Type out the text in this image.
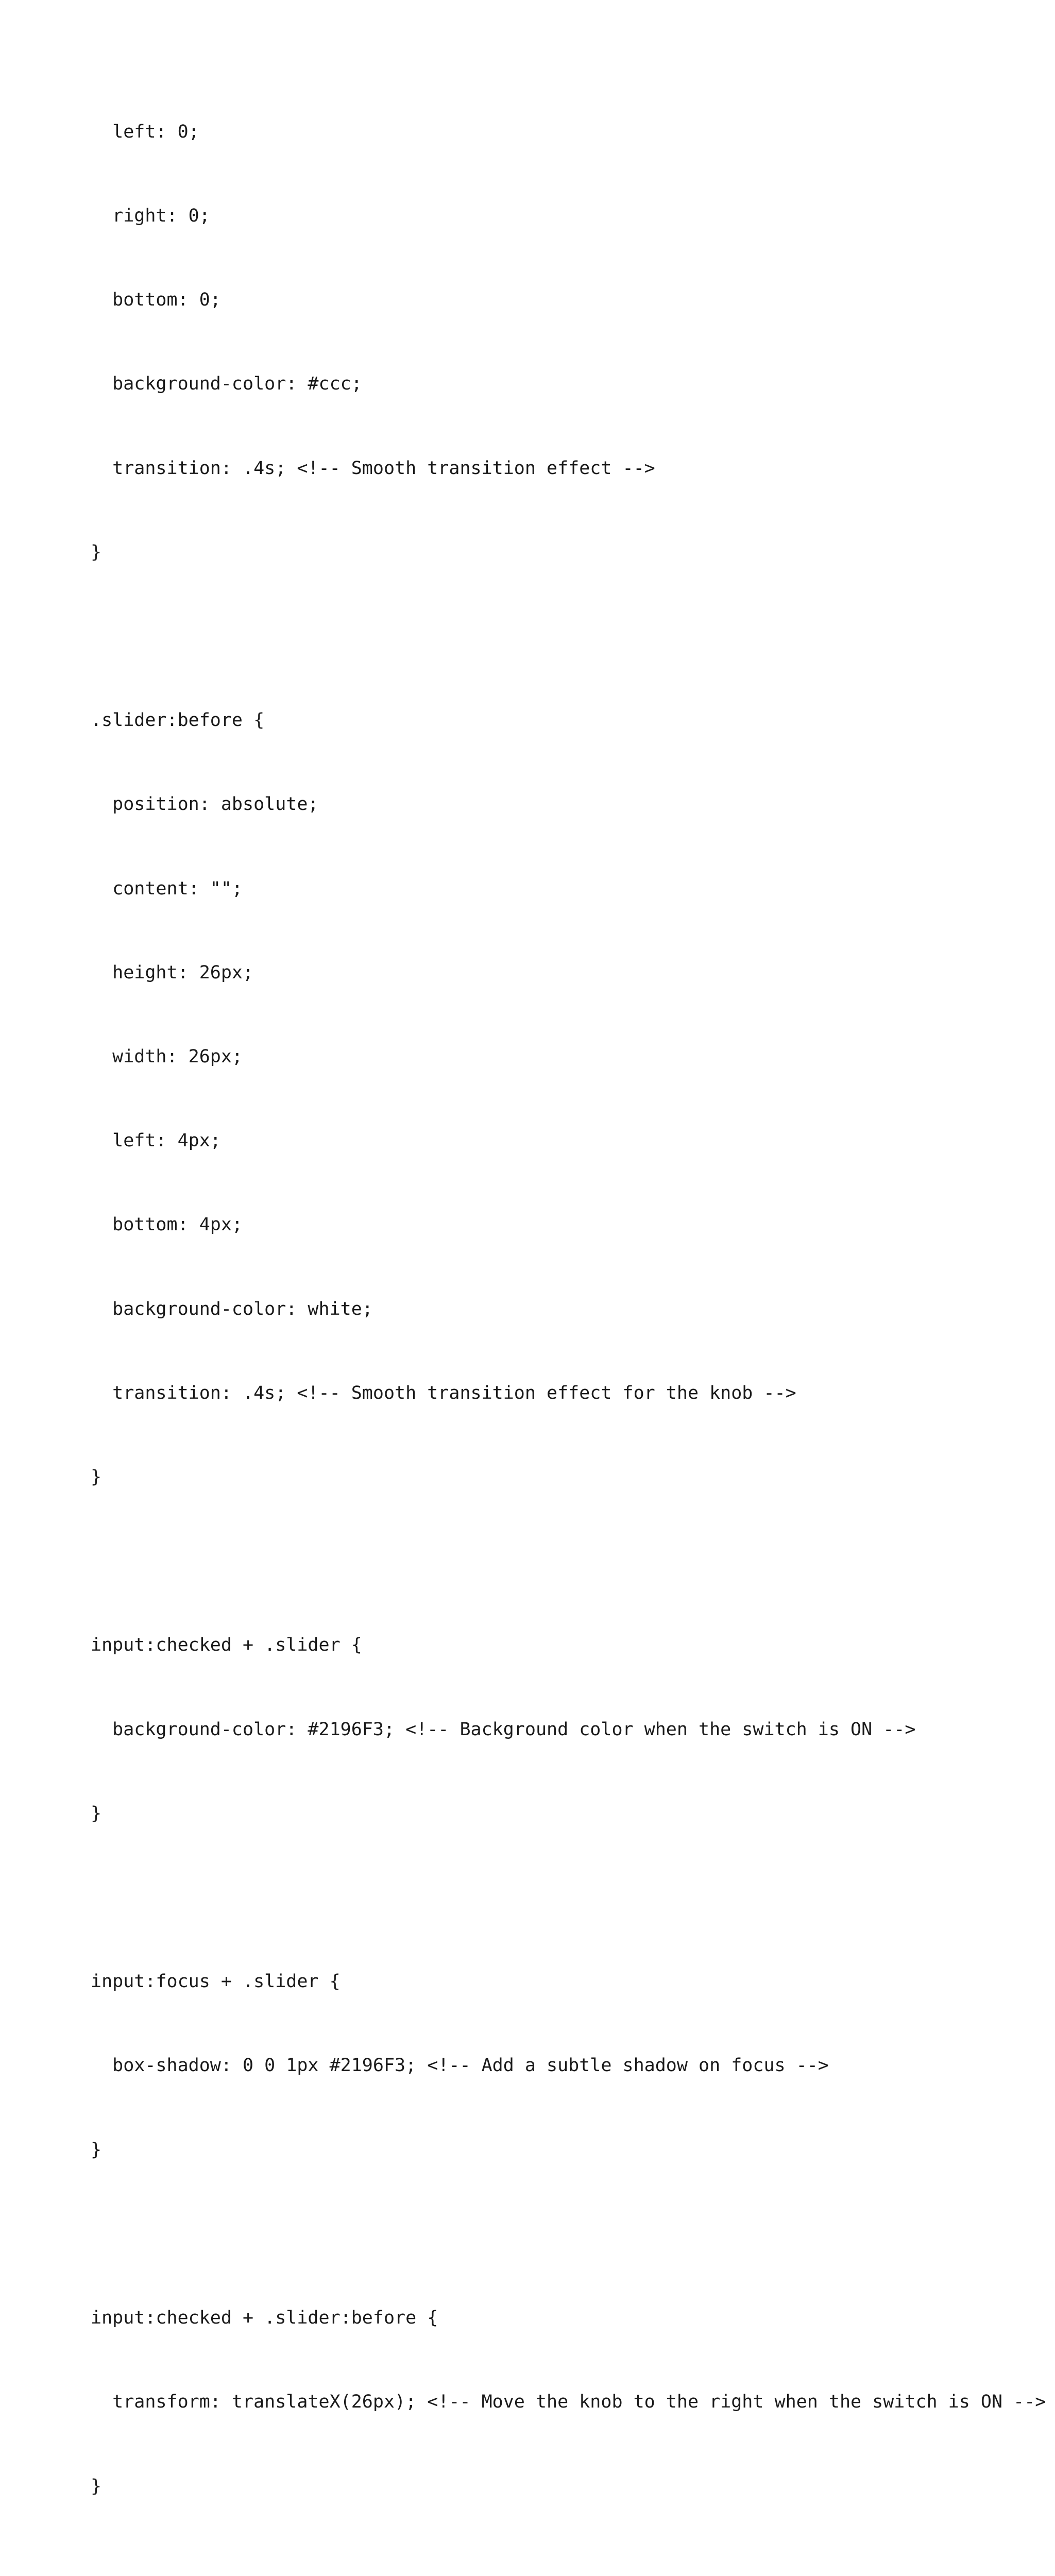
left: 0;

right: 0;

bottom: 0;

background-color: #ccc;

transition: .4s; <!-- Smooth transition effect -->

}

.slider:before {

position: absolute;

content: "";

height: 26px;

width: 26px;

left: 4px;

bottom: 4px;

background-color: white;

transition: .4s; <!-- Smooth transition effect for the knob -->

}

input:checked + .slider {

background-color: #2196F3; <!-- Background color when the switch is ON -->

}

input:focus + .slider {

box-shadow: 0 0 1px #2196F3; <!-- Add a subtle shadow on focus -->

}

input:checked + .slider:before {

transform: translateX(26px); <!-- Move the knob to the right when the switch is ON -->

}
